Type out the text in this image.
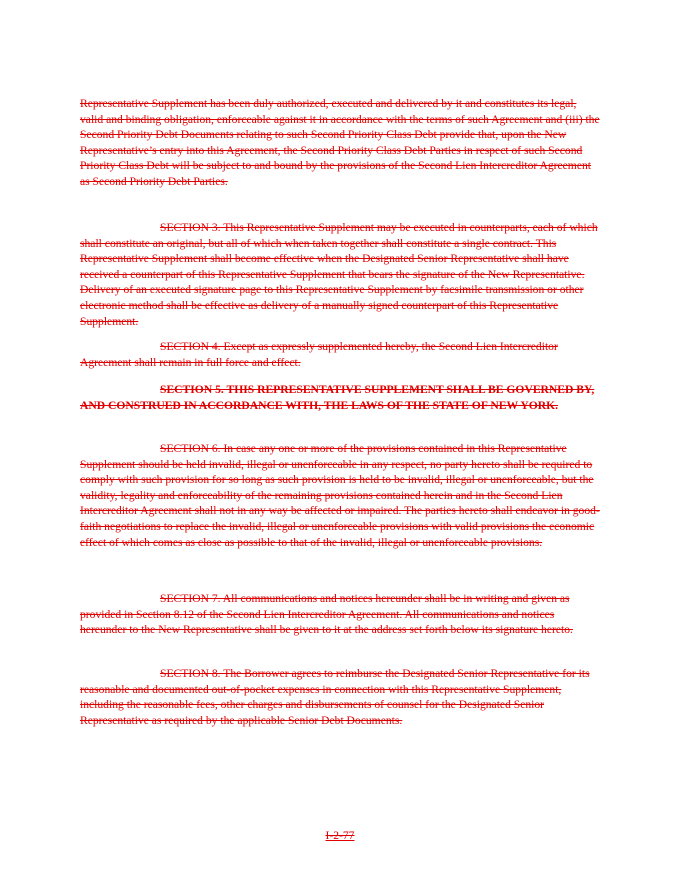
Representative Supplement has been duly authorized, executed and delivered by it and constitutes its legal, valid and binding obligation, enforceable against it in accordance with the terms of such Agreement and (iii) the Second Priority Debt Documents relating to such Second Priority Class Debt provide that, upon the New Representative’s entry into this Agreement, the Second Priority Class Debt Parties in respect of such Second Priority Class Debt will be subject to and bound by the provisions of the Second Lien Intercreditor Agreement as Second Priority Debt Parties.

SECTION 3. This Representative Supplement may be executed in counterparts, each of which shall constitute an original, but all of which when taken together shall constitute a single contract. This Representative Supplement shall become effective when the Designated Senior Representative shall have received a counterpart of this Representative Supplement that bears the signature of the New Representative. Delivery of an executed signature page to this Representative Supplement by facsimile transmission or other electronic method shall be effective as delivery of a manually signed counterpart of this Representative Supplement.

SECTION 4. Except as expressly supplemented hereby, the Second Lien Intercreditor Agreement shall remain in full force and effect.

SECTION 5. THIS REPRESENTATIVE SUPPLEMENT SHALL BE GOVERNED BY, AND CONSTRUED IN ACCORDANCE WITH, THE LAWS OF THE STATE OF NEW YORK.

SECTION 6. In case any one or more of the provisions contained in this Representative Supplement should be held invalid, illegal or unenforceable in any respect, no party hereto shall be required to comply with such provision for so long as such provision is held to be invalid, illegal or unenforceable, but the validity, legality and enforceability of the remaining provisions contained herein and in the Second Lien Intercreditor Agreement shall not in any way be affected or impaired. The parties hereto shall endeavor in good-faith negotiations to replace the invalid, illegal or unenforceable provisions with valid provisions the economic effect of which comes as close as possible to that of the invalid, illegal or unenforceable provisions.

SECTION 7. All communications and notices hereunder shall be in writing and given as provided in Section 8.12 of the Second Lien Intercreditor Agreement. All communications and notices hereunder to the New Representative shall be given to it at the address set forth below its signature hereto.

SECTION 8. The Borrower agrees to reimburse the Designated Senior Representative for its reasonable and documented out-of-pocket expenses in connection with this Representative Supplement, including the reasonable fees, other charges and disbursements of counsel for the Designated Senior Representative as required by the applicable Senior Debt Documents.

I-2-77
